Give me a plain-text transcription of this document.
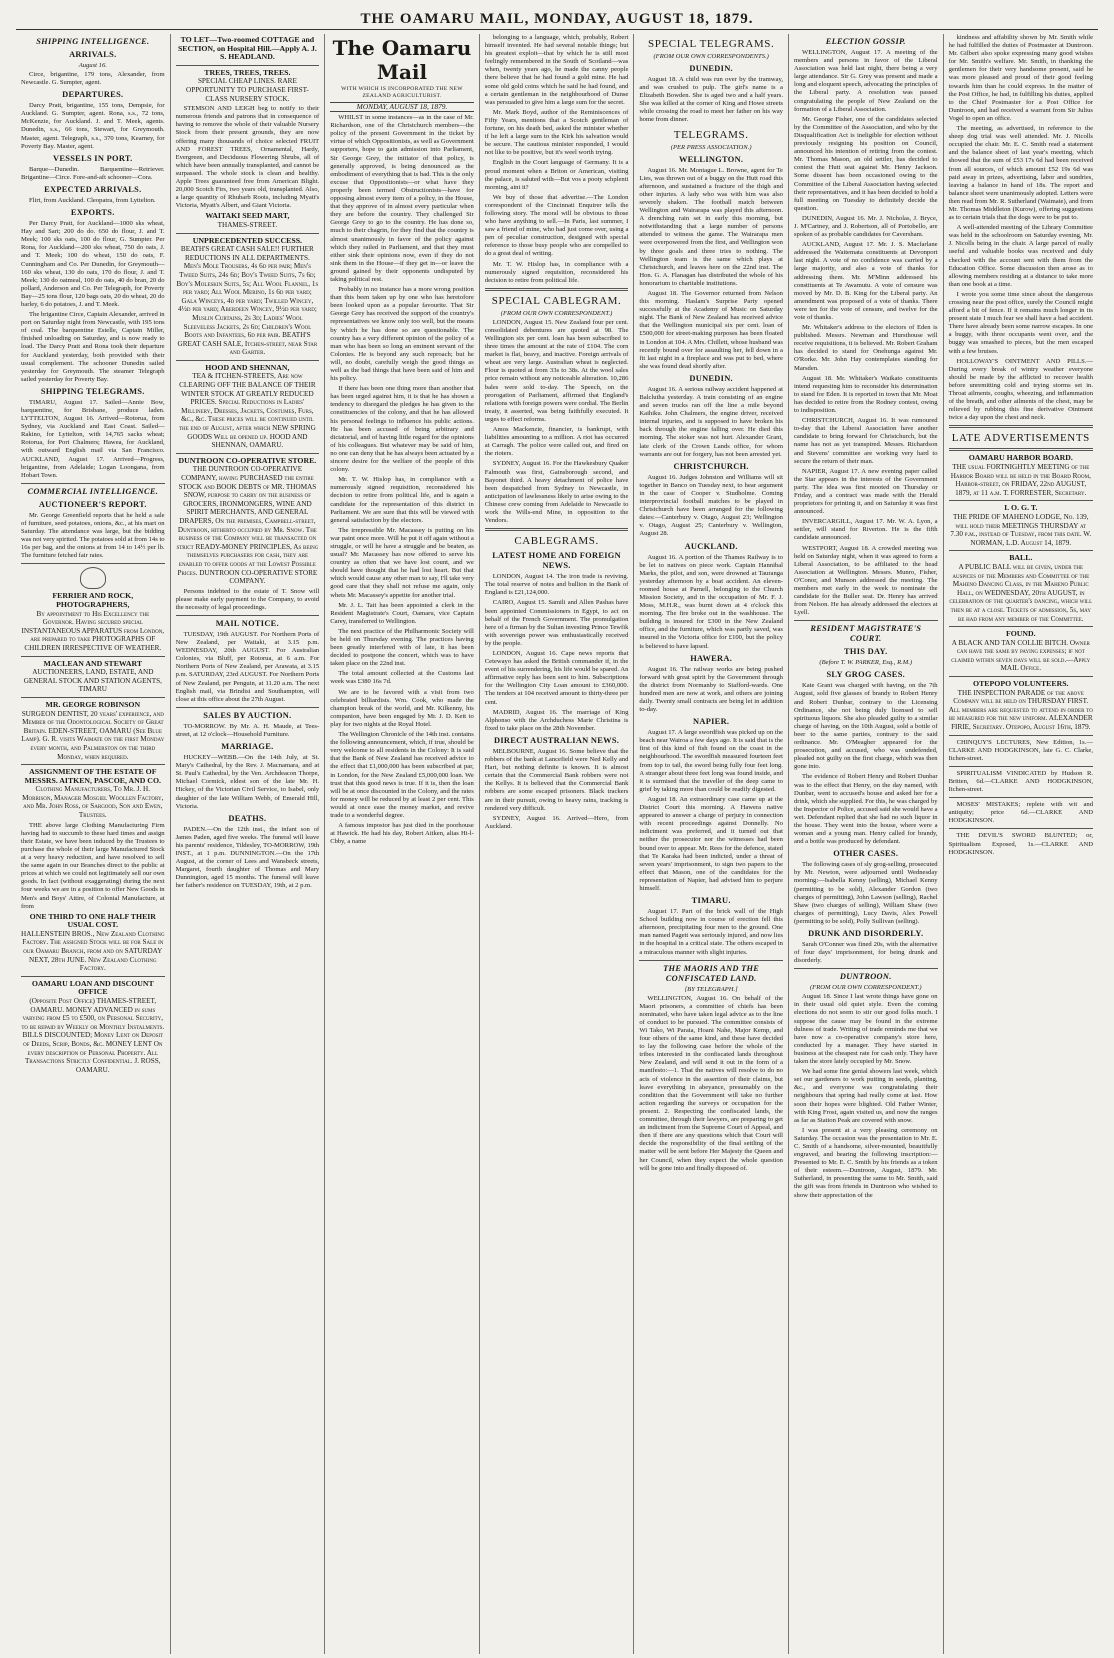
THE OAMARU MAIL, MONDAY, AUGUST 18, 1879.
SHIPPING INTELLIGENCE.
ARRIVALS.
August 16.

Circe, brigantine, 179 tons, Alexander, from Newcastle. G. Sumpter, agent.

DEPARTURES.

Darcy Pratt, brigantine, 155 tons, Dempsie, for Auckland. G. Sumpter, agent. Rona, s.s., 72 tons, McKenzie, for Auckland. J. and T. Meek, agents. Dunedin, s.s., 66 tons, Stewart, for Greymouth. Master, agent. Telegraph, s.s., 370 tons, Kearney, for Poverty Bay. Master, agent.

VESSELS IN PORT.

Barque—Dunedin. Barquentine—Retriever. Brigantine—Circe. Fore-and-aft schooner—Cora.

EXPECTED ARRIVALS.

Flirt, from Auckland. Cleopatra, from Lyttelton.

EXPORTS.

Per Darcy Pratt, for Auckland—1000 sks wheat, Hay and Sart; 200 do do. 650 do flour, J. and T. Meek; 100 sks oats, 100 do flour, G. Sumpter. Per Rona, for Auckland—200 sks wheat, 750 do oats, J. and T. Meek; 100 do wheat, 150 do oats, F. Cunningham and Co. Per Dunedin, for Greymouth—160 sks wheat, 130 do oats, 170 do flour, J. and T. Meek; 130 do oatmeal, 100 do oats, 40 do bran, 20 do pollard, Anderson and Co. Per Telegraph, for Poverty Bay—25 tons flour, 120 bags oats, 20 do wheat, 20 do barley, 6 do potatoes, J. and T. Meek.

The brigantine Circe, Captain Alexander, arrived in port on Saturday night from Newcastle, with 195 tons of coal. The barquentine Estelle, Captain Miller, finished unloading on Saturday, and is now ready to load. The Darcy Pratt and Rona took their departure for Auckland yesterday, both provided with their usual complement. The schooner Dunedin sailed yesterday for Greymouth. The steamer Telegraph sailed yesterday for Poverty Bay.

SHIPPING TELEGRAMS.

TIMARU, August 17. Sailed—Annie Bow, barquentine, for Brisbane, produce laden. LYTTELTON, August 16. Arrived—Rotorua, from Sydney, via Auckland and East Coast. Sailed—Rakino, for Lyttelton, with 14,765 sacks wheat; Rotorua, for Port Chalmers; Hawea, for Auckland, with outward English mail via San Francisco. AUCKLAND, August 17. Arrived—Progress, brigantine, from Adelaide; Logan Loongana, from Hobart Town.

COMMERCIAL INTELLIGENCE.
AUCTIONEER'S REPORT.

Mr. George Greenfield reports that he held a sale of furniture, seed potatoes, onions, &c., at his mart on Saturday. The attendance was large, but the bidding was not very spirited. The potatoes sold at from 14s to 16s per bag, and the onions at from 14 to 14½ per lb. The furniture fetched fair rates.

FERRIER AND ROCK, PHOTOGRAPHERS,
By appointment to His Excellency the Governor. Having secured special INSTANTANEOUS APPARATUS from London, are prepared to take PHOTOGRAPHS OF CHILDREN IRRESPECTIVE OF WEATHER.
MACLEAN AND STEWART
AUCTIONEERS, LAND, ESTATE, AND GENERAL STOCK AND STATION AGENTS, TIMARU
MR. GEORGE ROBINSON
SURGEON DENTIST, 20 years' experience, and Member of the Odontological Society of Great Britain. EDEN-STREET, OAMARU (See Blue Lamp). G. R. visits Waimate on the first Monday every month, and Palmerston on the third Monday, when required.
ASSIGNMENT OF THE ESTATE OF MESSRS. AITKEN, PASCOE, AND CO.
Clothing Manufacturers, To Mr. J. H. Morrison, Manager Mosgiel Woollen Factory, and Mr. John Ross, of Sargood, Son and Ewen, Trustees.

THE above large Clothing Manufacturing Firm having had to succumb to these hard times and assign their Estate, we have been induced by the Trustees to purchase the whole of their large Manufactured Stock at a very heavy reduction, and have resolved to sell the same again in our Branches direct to the public at prices at which we could not legitimately sell our own goods. In fact (without exaggerating) during the next four weeks we are in a position to offer New Goods in Men's and Boys' Attire, of Colonial Manufacture, at from

ONE THIRD TO ONE HALF THEIR USUAL COST.
HALLENSTEIN BROS., New Zealand Clothing Factory. The assigned Stock will be for Sale in our Oamaru Branch, from and on SATURDAY NEXT, 28th JUNE. New Zealand Clothing Factory.
OAMARU LOAN AND DISCOUNT OFFICE
(Opposite Post Office) THAMES-STREET, OAMARU. MONEY ADVANCED in sums varying from £5 to £500, on Personal Security, to be repaid by Weekly or Monthly Instalments. BILLS DISCOUNTED; Money Lent on Deposit of Deeds, Scrip, Bonds, &c. MONEY LENT On every description of Personal Property. All Transactions Strictly Confidential. J. ROSS, OAMARU.
TO LET—Two-roomed COTTAGE and SECTION, on Hospital Hill.—Apply A. J. S. HEADLAND.
TREES, TREES, TREES.
SPECIAL CHEAP LINES. RARE OPPORTUNITY TO PURCHASE FIRST-CLASS NURSERY STOCK.

STEMSON AND LEIGH beg to notify to their numerous friends and patrons that in consequence of having to remove the whole of their valuable Nursery Stock from their present grounds, they are now offering many thousands of choice selected FRUIT AND FOREST TREES, Ornamental, Hardy, Evergreen, and Deciduous Flowering Shrubs, all of which have been annually transplanted, and cannot be surpassed. The whole stock is clean and healthy. Apple Trees guaranteed free from American Blight. 20,000 Scotch Firs, two years old, transplanted. Also, a large quantity of Rhubarb Roots, including Myatt's Victoria, Myatt's Albert, and Giant Victoria.

WAITAKI SEED MART,
THAMES-STREET.
UNPRECEDENTED SUCCESS.
BEATH'S GREAT CASH SALE!! FURTHER REDUCTIONS IN ALL DEPARTMENTS. Men's Mole Trousers, 4s 6d per pair; Men's Tweed Suits, 24s 6d; Boy's Tweed Suits, 7s 6d; Boy's Moleskin Suits, 5s; All Wool Flannel, 1s per yard; All Wool Merino, 1s 6d per yard; Gala Winceys, 4d per yard; Twilled Wincey, 4½d per yard; Aberdeen Wincey, 9½d per yard; Muslin Curtains, 2s 3d; Ladies' Wool Sleeveless Jackets, 2s 6d; Children's Wool Boots and Infantees, 6d per pair. BEATH'S GREAT CASH SALE, Itchen-street, near Star and Garter.
HOOD AND SHENNAN,
TEA & ITCHEN-STREETS, Are now CLEARING OFF THE BALANCE OF THEIR WINTER STOCK AT GREATLY REDUCED PRICES. Special Reductions in Ladies' Millinery, Dresses, Jackets, Costumes, Furs, &c., &c. These prices will be continued until the end of August, after which NEW SPRING GOODS Will be opened up. HOOD AND SHENNAN, OAMARU.
DUNTROON CO-OPERATIVE STORE.
THE DUNTROON CO-OPERATIVE COMPANY, having PURCHASED the entire STOCK and BOOK DEBTS of MR. THOMAS SNOW, purpose to carry on the business of GROCERS, IRONMONGERS, WINE AND SPIRIT MERCHANTS, AND GENERAL DRAPERS, On the premises, Campbell-street, Duntroon, hitherto occupied by Mr. Snow. The business of the Company will be transacted on strict READY-MONEY PRINCIPLES, As being themselves purchasers for cash, they are enabled to offer goods at the Lowest Possible Prices. DUNTROON CO-OPERATIVE STORE COMPANY.

Persons indebted to the estate of T. Snow will please make early payment to the Company, to avoid the necessity of legal proceedings.

MAIL NOTICE.

TUESDAY, 19th AUGUST. For Northern Ports of New Zealand, per Waitaki, at 3.15 p.m. WEDNESDAY, 20th AUGUST. For Australian Colonies, via Bluff, per Rotorua, at 6 a.m. For Northern Ports of New Zealand, per Arawata, at 3.15 p.m. SATURDAY, 23rd AUGUST. For Northern Ports of New Zealand, per Penguin, at 11.20 a.m. The next English mail, via Brindisi and Southampton, will close at this office about the 27th August.

SALES BY AUCTION.

TO-MORROW. By Mr. A. H. Maude, at Tees-street, at 12 o'clock—Household Furniture.

MARRIAGE.

HUCKEY—WEBB.—On the 14th July, at St. Mary's Cathedral, by the Rev. J. Macnamara, and at St. Paul's Cathedral, by the Ven. Archdeacon Thorpe, Michael Cormick, eldest son of the late Mr. H. Hickey, of the Victorian Civil Service, to Isabel, only daughter of the late William Webb, of Emerald Hill, Victoria.

DEATHS.

PADEN.—On the 12th inst., the infant son of James Paden, aged five weeks. The funeral will leave his parents' residence, Tildesley, TO-MORROW, 19th INST., at 1 p.m. DUNNINGTON.—On the 17th August, at the corner of Lees and Wansbeck streets, Margaret, fourth daughter of Thomas and Mary Dunnington, aged 15 months. The funeral will leave her father's residence on TUESDAY, 19th, at 2 p.m.

The Oamaru Mail
WITH WHICH IS INCORPORATED THE NEW ZEALAND AGRICULTURIST.
MONDAY, AUGUST 18, 1879.

WHILST in some instances—as in the case of Mr. Richardson, one of the Christchurch members—the policy of the present Government in the ticket by virtue of which Oppositionists, as well as Government supporters, hope to gain admission into Parliament, Sir George Grey, the initiator of that policy, is generally approved, is being denounced as the embodiment of everything that is bad. This is the only excuse that Oppositionists—or what have they properly been termed Obstructionists—have for opposing almost every item of a policy, in the House, that they approve of in almost every particular when they are before the country. They challenged Sir George Grey to go to the country. He has done so, much to their chagrin, for they find that the country is almost unanimously in favor of the policy against which they railed in Parliament, and that they must either sink their opinions now, even if they do not sink them in the House—if they get in—or leave the ground gained by their opponents undisputed by taking political rest.

Probably in no instance has a more wrong position than this been taken up by one who has heretofore been looked upon as a popular favourite. That Sir George Grey has received the support of the country's representatives we know only too well, but the means by which he has done so are questionable. The country has a very different opinion of the policy of a man who has been so long an eminent servant of the Colonies. He is beyond any such reproach; but he will, no doubt, carefully weigh the good things as well as the bad things that have been said of him and his policy.

If there has been one thing more than another that has been urged against him, it is that he has shown a tendency to disregard the pledges he has given to the constituencies of the colony, and that he has allowed his personal feelings to influence his public actions. He has been accused of being arbitrary and dictatorial, and of having little regard for the opinions of his colleagues. But whatever may be said of him, no one can deny that he has always been actuated by a sincere desire for the welfare of the people of this colony.

Mr. T. W. Hislop has, in compliance with a numerously signed requisition, reconsidered his decision to retire from political life, and is again a candidate for the representation of this district in Parliament. We are sure that this will be viewed with general satisfaction by the electors.

The irrepressible Mr. Macassey is putting on his war paint once more. Will he put it off again without a struggle, or will he have a struggle and be beaten, as usual? Mr. Macassey has now offered to serve his country as often that we have lost count, and we should have thought that he had lost heart. But that which would cause any other man to say, I'll take very good care that they shall not refuse me again, only whets Mr. Macassey's appetite for another trial.

Mr. J. L. Tait has been appointed a clerk in the Resident Magistrate's Court, Oamaru, vice Captain Carey, transferred to Wellington.

The next practice of the Philharmonic Society will be held on Thursday evening. The practices having been greatly interfered with of late, it has been decided to postpone the concert, which was to have taken place on the 22nd inst.

The total amount collected at the Customs last week was £380 16s 7d.

We are to be favored with a visit from two celebrated billiardists. Wm. Cook, who made the champion break of the world, and Mr. Kilkenny, his companion, have been engaged by Mr. J. D. Kett to play for two nights at the Royal Hotel.

The Wellington Chronicle of the 14th inst. contains the following announcement, which, if true, should be very welcome to all residents in the Colony: It is said that the Bank of New Zealand has received advice to the effect that £1,000,000 has been subscribed at par, in London, for the New Zealand £5,000,000 loan. We trust that this good news is true. If it is, then the loan will be at once discounted in the Colony, and the rates for money will be reduced by at least 2 per cent. This would at once ease the money market, and revive trade to a wonderful degree.

A famous impostor has just died in the poorhouse at Hawick. He had his day, Robert Aitken, alias Hi-l-Cbby, a name

belonging to a language, which, probably, Robert himself invented. He had several notable things; but his greatest exploit—that by which he is still most feelingly remembered in the South of Scotland—was when, twenty years ago, he made the canny people there believe that he had found a gold mine. He had some old gold coins which he said he had found, and a certain gentleman in the neighbourhood of Dunse was persuaded to give him a large sum for the secret.

Mr. Mark Boyd, author of the Reminiscences of Fifty Years, mentions that a Scotch gentleman of fortune, on his death bed, asked the minister whether if he left a large sum to the Kirk his salvation would be secure. The cautious minister responded, I would not like to be positive, but it's weel worth trying.

English in the Court language of Germany. It is a proud moment when a Briton or American, visiting the palace, is saluted with—But vos a pooty schplenti morning, aint it?

We buy of those that advertise.—The London correspondent of the Cincinnati Enquirer tells the following story. The moral will be obvious to those who have anything to sell.—In Paris, last summer, I saw a friend of mine, who had just come over, using a pen of peculiar construction, designed with special reference to those busy people who are compelled to do a great deal of writing.

Mr. T. W. Hislop has, in compliance with a numerously signed requisition, reconsidered his decision to retire from political life.

SPECIAL CABLEGRAM.
(FROM OUR OWN CORRESPONDENT.)

LONDON, August 15. New Zealand four per cent. consolidated debentures are quoted at 98. The Wellington six per cent. loan has been subscribed to three times the amount at the rate of £104. The corn market is flat, heavy, and inactive. Foreign arrivals of wheat are very large. Australian wheat is neglected. Flour is quoted at from 33s to 38s. At the wool sales price remain without any noticeable alteration. 10,286 bales were sold to-day. The Speech, on the prorogation of Parliament, affirmed that England's relations with foreign powers were cordial. The Berlin treaty, it asserted, was being faithfully executed. It urges to effect reforms.

Amos Mackenzie, financier, is bankrupt, with liabilities amounting to a million. A riot has occurred at Carragh. The police were called out, and fired on the rioters.

SYDNEY, August 16. For the Hawkesbury Quaker Falmouth was first, Gainsborough second, and Bayonet third. A heavy detachment of police have been despatched from Sydney to Newcastle, in anticipation of lawlessness likely to arise owing to the Chinese crew coming from Adelaide to Newcastle to work the Wills-end Mine, in opposition to the Vendors.

CABLEGRAMS.
LATEST HOME AND FOREIGN NEWS.

LONDON, August 14. The iron trade is reviving. The total reserve of notes and bullion in the Bank of England is £21,124,000.

CAIRO, August 15. Samili and Allen Pashas have been appointed Commissioners in Egypt, to act on behalf of the French Government. The promulgation here of a firman by the Sultan investing Prince Tewfik with sovereign power was enthusiastically received by the people.

LONDON, August 16. Cape news reports that Cetewayo has asked the British commander if, in the event of his surrendering, his life would be spared. An affirmative reply has been sent to him. Subscriptions for the Wellington City Loan amount to £360,000. The tenders at 104 received amount to thirty-three per cent.

MADRID, August 16. The marriage of King Alphonso with the Archduchess Marie Christina is fixed to take place on the 28th November.

DIRECT AUSTRALIAN NEWS.

MELBOURNE, August 16. Some believe that the robbers of the bank at Lancefield were Ned Kelly and Hart, but nothing definite is known. It is almost certain that the Commercial Bank robbers were not the Kellys. It is believed that the Commercial Bank robbers are some escaped prisoners. Black trackers are in their pursuit, owing to heavy rains, tracking is rendered very difficult.

SYDNEY, August 16. Arrived—Hero, from Auckland.

SPECIAL TELEGRAMS.
(FROM OUR OWN CORRESPONDENTS.)
DUNEDIN.

August 18. A child was run over by the tramway, and was crushed to pulp. The girl's name is a Elizabeth Bowden. She is aged two and a half years. She was killed at the corner of King and Howe streets while crossing the road to meet her father on his way home from dinner.

TELEGRAMS.
(PER PRESS ASSOCIATION.)
WELLINGTON.

August 16. Mr. Montague L. Browne, agent for Te Lies, was thrown out of a buggy on the Hutt road this afternoon, and sustained a fracture of the thigh and other injuries. A lady who was with him was also severely shaken. The football match between Wellington and Wairarapa was played this afternoon. A drenching rain set in early this morning, but notwithstanding that a large number of persons attended to witness the game. The Wairarapa men were overpowered from the first, and Wellington won by three goals and three tries to nothing. The Wellington team is the same which plays at Christchurch, and leaves here on the 22nd inst. The Hon. G. A. Flanagan has distributed the whole of his honorarium to charitable institutions.

August 18. The Governor returned from Nelson this morning. Haslam's Surprise Party opened successfully at the Academy of Music on Saturday night. The Bank of New Zealand has received advice that the Wellington municipal six per cent. loan of £500,000 for street-making purposes has been floated in London at 104. A Mrs. Chillett, whose husband was recently bound over for assaulting her, fell down in a fit last night in a fireplace and was put to bed, where she was found dead shortly after.

DUNEDIN.

August 16. A serious railway accident happened at Balclutha yesterday. A train consisting of an engine and seven trucks ran off the line a mile beyond Kaihiku. John Chalmers, the engine driver, received internal injuries, and is supposed to have broken his back through the engine falling over. He died this morning. The stoker was not hurt. Alexander Grant, late clerk of the Crown Lands office, for whom warrants are out for forgery, has not been arrested yet.

CHRISTCHURCH.

August 16. Judges Johnston and Williams will sit together in Banco on Tuesday next, to hear argument in the case of Cooper v. Studholme. Coming interprovincial football matches to be played in Christchurch have been arranged for the following dates:—Canterbury v. Otago, August 23; Wellington v. Otago, August 25; Canterbury v. Wellington, August 28.

AUCKLAND.

August 16. A portion of the Thames Railway is to be let to natives on piece work. Captain Hannibal Marks, the pilot, and son, were drowned at Tauranga yesterday afternoon by a boat accident. An eleven-roomed house at Parnell, belonging to the Church Mission Society, and in the occupation of Mr. F. J. Moss, M.H.R., was burnt down at 4 o'clock this morning. The fire broke out in the washhouse. The building is insured for £300 in the New Zealand office, and the furniture, which was partly saved, was insured in the Victoria office for £100, but the policy is believed to have lapsed.

HAWERA.

August 16. The railway works are being pushed forward with great spirit by the Government through the district from Normanby to Stafford-wards. One hundred men are now at work, and others are joining daily. Twenty small contracts are being let in addition to-day.

NAPIER.

August 17. A large swordfish was picked up on the beach near Wairoa a few days ago. It is said that is the first of this kind of fish found on the coast in the neighbourhood. The swordfish measured fourteen feet from top to tail, the sword being fully four feet long. A stranger about three feet long was found inside, and it is surmised that the traveller of the deep came to grief by taking more than could be readily digested.

August 18. An extraordinary case came up at the District Court this morning. A Hawera native appeared to answer a charge of perjury in connection with recent proceedings against Donnelly. No indictment was preferred, and it turned out that neither the prosecutor nor the witnesses had been bound over to appear. Mr. Rees for the defence, stated that Te Karaka had been indicted, under a threat of seven years' imprisonment, to sign two papers to the effect that Mason, one of the candidates for the representation of Napier, had advised him to perjure himself.

TIMARU.

August 17. Part of the brick wall of the High School building now in course of erection fell this afternoon, precipitating four men to the ground. One man named Pagett was seriously injured, and now lies in the hospital in a critical state. The others escaped in a miraculous manner with slight injuries.

THE MAORIS AND THE CONFISCATED LAND.
[BY TELEGRAPH.]

WELLINGTON, August 16. On behalf of the Maori prisoners, a committee of chiefs has been nominated, who have taken legal advice as to the line of conduct to be pursued. The committee consists of Wi Tako, Wi Parata, Hoani Nahe, Major Kemp, and four others of the same kind, and these have decided to lay the following case before the whole of the tribes interested in the confiscated lands throughout New Zealand, and will send it out in the form of a manifesto:—1. That the natives will resolve to do no acts of violence in the assertion of their claims, but leave everything in abeyance, presumably on the condition that the Government will take no further action regarding the surveys or occupation for the present. 2. Respecting the confiscated lands, the committee, through their lawyers, are preparing to get an indictment from the Supreme Court of Appeal, and then if there are any questions which that Court will decide the responsibility of the final settling of the matter will be sent before Her Majesty the Queen and her Council, when they expect the whole question will be gone into and finally disposed of.

ELECTION GOSSIP.

WELLINGTON, August 17. A meeting of the members and persons in favor of the Liberal Association was held last night, there being a very large attendance. Sir G. Grey was present and made a long and eloquent speech, advocating the principles of the Liberal party. A resolution was passed congratulating the people of New Zealand on the formation of a Liberal Association.

Mr. George Fisher, one of the candidates selected by the Committee of the Association, and who by the Disqualification Act is ineligible for election without previously resigning his position on Council, announced his intention of retiring from the contest. Mr. Thomas Mason, an old settler, has decided to contest the Hutt seat against Mr. Henry Jackson. Some dissent has been occasioned owing to the Committee of the Liberal Association having selected their representatives, and it has been decided to hold a full meeting on Tuesday to definitely decide the question.

DUNEDIN, August 16. Mr. J. Nicholas, J. Bryce, J. M'Cartney, and J. Robertson, all of Portobello, are spoken of as probable candidates for Caversham.

AUCKLAND, August 17. Mr. J. S. Macfarlane addressed the Waitemata constituents at Devonport last night. A vote of no confidence was carried by a large majority, and also a vote of thanks for addressing them. Mr. M'Minn addressed his constituents at Te Awamutu. A vote of censure was moved by Mr. D. B. King for the Liberal party. An amendment was proposed of a vote of thanks. There were ten for the vote of censure, and twelve for the vote of thanks.

Mr. Whitaker's address to the electors of Eden is published. Messrs. Newman and Hursthouse will receive requisitions, it is believed. Mr. Robert Graham has decided to stand for Onehunga against Mr. O'Rorke. Mr. John Hay contemplates standing for Marsden.

August 18. Mr. Whitaker's Waikato constituents intend requesting him to reconsider his determination to stand for Eden. It is reported in town that Mr. Moat has decided to retire from the Rodney contest, owing to indisposition.

CHRISTCHURCH, August 16. It was rumoured to-day that the Liberal Association have another candidate to bring forward for Christchurch, but the name has not as yet transpired. Messrs. Richardson and Stevens' committee are working very hard to secure the return of their man.

NAPIER, August 17. A new evening paper called the Star appears in the interests of the Government party. The idea was first mooted on Thursday or Friday, and a contract was made with the Herald proprietors for printing it, and on Saturday it was first announced.

INVERCARGILL, August 17. Mr. W. A. Lyon, a settler, will stand for Riverton. He is the fifth candidate announced.

WESTPORT, August 18. A crowded meeting was held on Saturday night, when it was agreed to form a Liberal Association, to be affiliated to the head Association at Wellington. Messrs. Munro, Fisher, O'Conor, and Munson addressed the meeting. The members met early in the week to nominate the candidate for the Buller seat. Dr. Henry has arrived from Nelson. He has already addressed the electors at Lyell.

RESIDENT MAGISTRATE'S COURT.
THIS DAY.
(Before T. W. PARKER, Esq., R.M.)
SLY GROG CASES.

Kate Grant was charged with having, on the 7th August, sold five glasses of brandy to Robert Henry and Robert Dunbar, contrary to the Licensing Ordinance, she not being duly licensed to sell spirituous liquors. She also pleaded guilty to a similar charge of having, on the 10th August, sold a bottle of beer to the same parties, contrary to the said ordinance. Mr. O'Meagher appeared for the prosecution, and accused, who was undefended, pleaded not guilty on the first charge, which was then gone into.

The evidence of Robert Henry and Robert Dunbar was to the effect that Henry, on the day named, with Dunbar, went to accused's house and asked her for a drink, which she supplied. For this, he was charged by the Inspector of Police, accused said she would have a wet. Defendant replied that she had no such liquor in the house. They went into the house, where were a woman and a young man. Henry called for brandy, and a bottle was produced by defendant.

OTHER CASES.

The following cases of sly grog-selling, prosecuted by Mr. Newton, were adjourned until Wednesday morning:—Isabella Kenny (selling), Michael Kenny (permitting to be sold), Alexander Gordon (two charges of permitting), John Lawson (selling), Rachel Shaw (two charges of selling), William Shaw (two charges of permitting), Lucy Davis, Alex Powell (permitting to be sold), Polly Sullivan (selling).

DRUNK AND DISORDERLY.

Sarah O'Conner was fined 20s, with the alternative of four days' imprisonment, for being drunk and disorderly.

DUNTROON.
(FROM OUR OWN CORRESPONDENT.)

August 18. Since I last wrote things have gone on in their usual old quiet style. Even the coming elections do not seem to stir our good folks much. I suppose the cause may be found in the extreme dulness of trade. Writing of trade reminds me that we have now a co-operative company's store here, conducted by a manager. They have started in business at the cheapest rate for cash only. They have taken the store lately occupied by Mr. Snow.

We had some fine genial showers last week, which set our gardeners to work putting in seeds, planting, &c., and everyone was congratulating their neighbours that spring had really come at last. How soon their hopes were blighted. Old Father Winter, with King Frost, again visited us, and now the ranges as far as Station Peak are covered with snow.

I was present at a very pleasing ceremony on Saturday. The occasion was the presentation to Mr. E. C. Smith of a handsome, silver-mounted, beautifully engraved, and bearing the following inscription:—Presented to Mr. E. C. Smith by his friends as a token of their esteem.—Duntroon, August, 1879. Mr. Sutherland, in presenting the same to Mr. Smith, said the gift was from friends in Duntroon who wished to show their appreciation of the

kindness and affability shown by Mr. Smith while he had fulfilled the duties of Postmaster at Duntroon. Mr. Gilbert also spoke expressing many good wishes for Mr. Smith's welfare. Mr. Smith, in thanking the gentlemen for their very handsome present, said he was more pleased and proud of their good feeling towards him than he could express. In the matter of the Post Office, he had, in fulfilling his duties, applied to the Chief Postmaster for a Post Office for Duntroon, and had received a warrant from Sir Julius Vogel to open an office.

The meeting, as advertised, in reference to the sheep dog trial was well attended. Mr. J. Nicolls occupied the chair. Mr. E. C. Smith read a statement and the balance sheet of last year's meeting, which showed that the sum of £53 17s 6d had been received from all sources, of which amount £52 19s 6d was paid away in prizes, advertising, labor and sundries, leaving a balance in hand of 18s. The report and balance sheet were unanimously adopted. Letters were then read from Mr. R. Sutherland (Waimate), and from Mr. Thomas Middleton (Kurow), offering suggestions as to certain trials that the dogs were to be put to.

A well-attended meeting of the Library Committee was held in the schoolroom on Saturday evening, Mr. J. Nicolls being in the chair. A large parcel of really useful and valuable books was received and duly checked with the account sent with them from the Education Office. Some discussion then arose as to allowing members residing at a distance to take more than one book at a time.

I wrote you some time since about the dangerous crossing near the post office, surely the Council might afford a bit of fence. If it remains much longer in its present state I much fear we shall have a bad accident. There have already been some narrow escapes. In one a buggy, with three occupants went over, and the buggy was smashed to pieces, but the men escaped with a few bruises.

HOLLOWAY'S OINTMENT AND PILLS.—During every break of wintry weather everyone should be made by the afflicted to recover health before unremitting cold and trying storms set in. Throat ailments, coughs, wheezing, and inflammation of the breath, and other ailments of the chest, may be relieved by rubbing this fine derivative Ointment twice a day upon the chest and neck.

LATE ADVERTISEMENTS
OAMARU HARBOR BOARD.
THE usual FORTNIGHTLY MEETING of the Harbor Board will be held in the Board Room, Harbor-street, on FRIDAY, 22nd AUGUST, 1879, at 11 a.m. T. FORRESTER, Secretary.
I. O. G. T.
THE PRIDE OF MAHENO LODGE, No. 139, will hold their MEETINGS THURSDAY at 7.30 p.m., instead of Tuesday, from this date. W. NORMAN, L.D. August 14, 1879.
BALL.
A PUBLIC BALL will be given, under the auspices of the Members and Committee of the Maheno Dancing Class, in the Maheno Public Hall, on WEDNESDAY, 20th AUGUST, in celebration of the quarter's dancing, which will then be at a close. Tickets of admission, 5s, may be had from any member of the Committee.
FOUND.
A BLACK AND TAN COLLIE BITCH. Owner can have the same by paying expenses; if not claimed within seven days will be sold.—Apply MAIL Office.
OTEPOPO VOLUNTEERS.
THE INSPECTION PARADE of the above Company will be held on THURSDAY FIRST. All members are requested to attend in order to be measured for the new uniform. ALEXANDER FIRIE, Secretary. Otepopo, August 16th, 1879.

CHINQUY'S LECTURES, New Edition, 1s.—CLARKE AND HODGKINSON, late G. C. Clarke, Itchen-street.

SPIRITUALISM VINDICATED by Hudson R. Britten, 6d.—CLARKE AND HODGKINSON, Itchen-street.

MOSES' MISTAKES; replete with wit and antiquity; price 6d.—CLARKE AND HODGKINSON.

THE DEVIL'S SWORD BLUNTED; or, Spiritualism Exposed, 1s.—CLARKE AND HODGKINSON.
